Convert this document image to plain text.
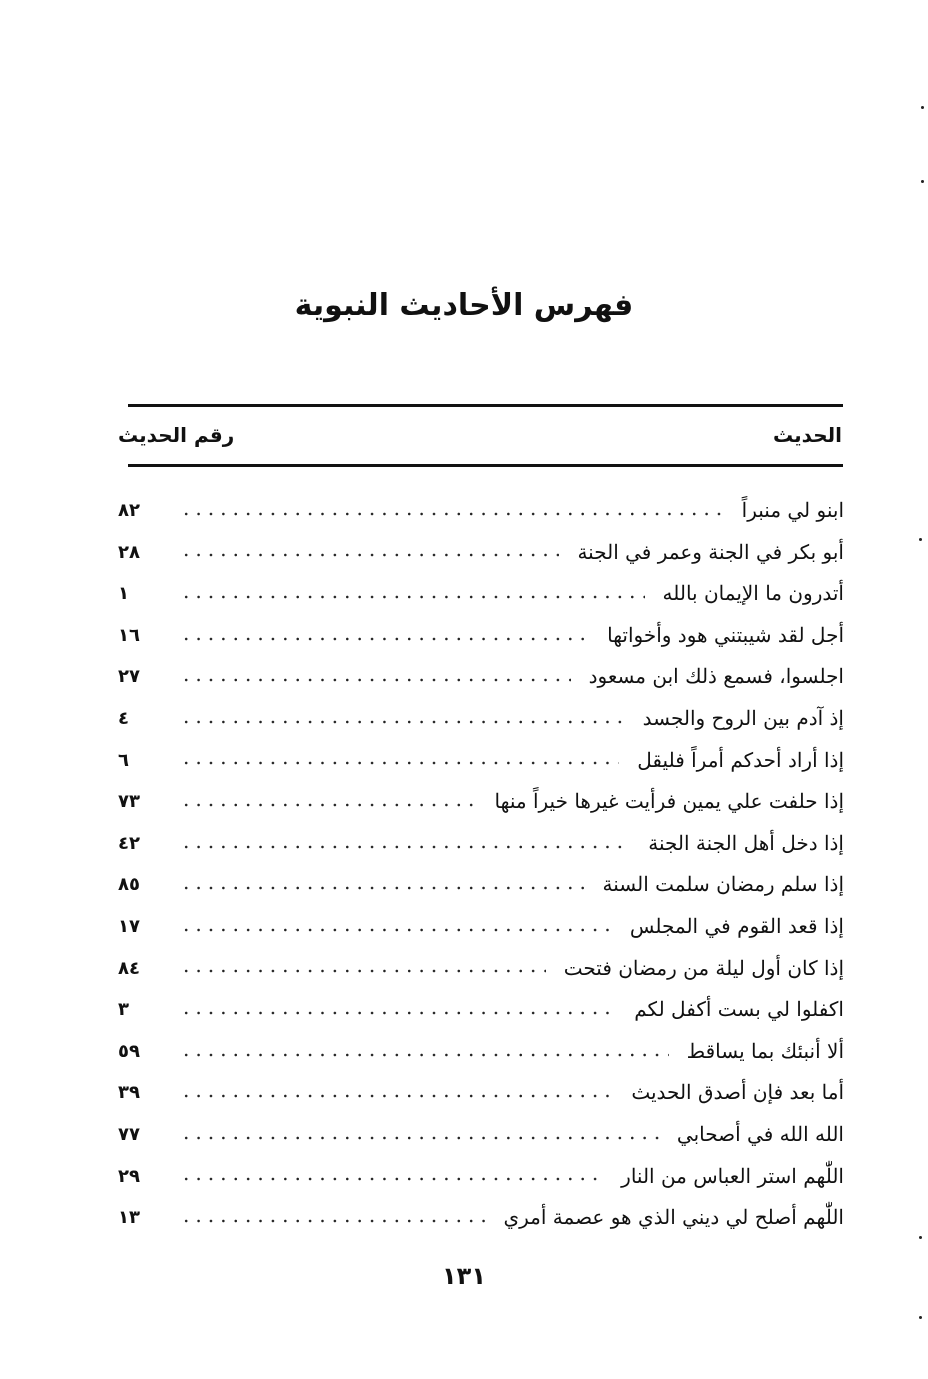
فهرس الأحاديث النبوية
الحديث
رقم الحديث
ابنو لي منبراً
٨٢
أبو بكر في الجنة وعمر في الجنة
٢٨
أتدرون ما الإيمان بالله
١
أجل لقد شيبتني هود وأخواتها
١٦
اجلسوا، فسمع ذلك ابن مسعود
٢٧
إذ آدم بين الروح والجسد
٤
إذا أراد أحدكم أمراً فليقل
٦
إذا حلفت علي يمين فرأيت غيرها خيراً منها
٧٣
إذا دخل أهل الجنة الجنة
٤٢
إذا سلم رمضان سلمت السنة
٨٥
إذا قعد القوم في المجلس
١٧
إذا كان أول ليلة من رمضان فتحت
٨٤
اكفلوا لي بست أكفل لكم
٣
ألا أنبئك بما يساقط
٥٩
أما بعد فإن أصدق الحديث
٣٩
الله الله في أصحابي
٧٧
اللّٰهم استر العباس من النار
٢٩
اللّٰهم أصلح لي ديني الذي هو عصمة أمري
١٣
١٣١
